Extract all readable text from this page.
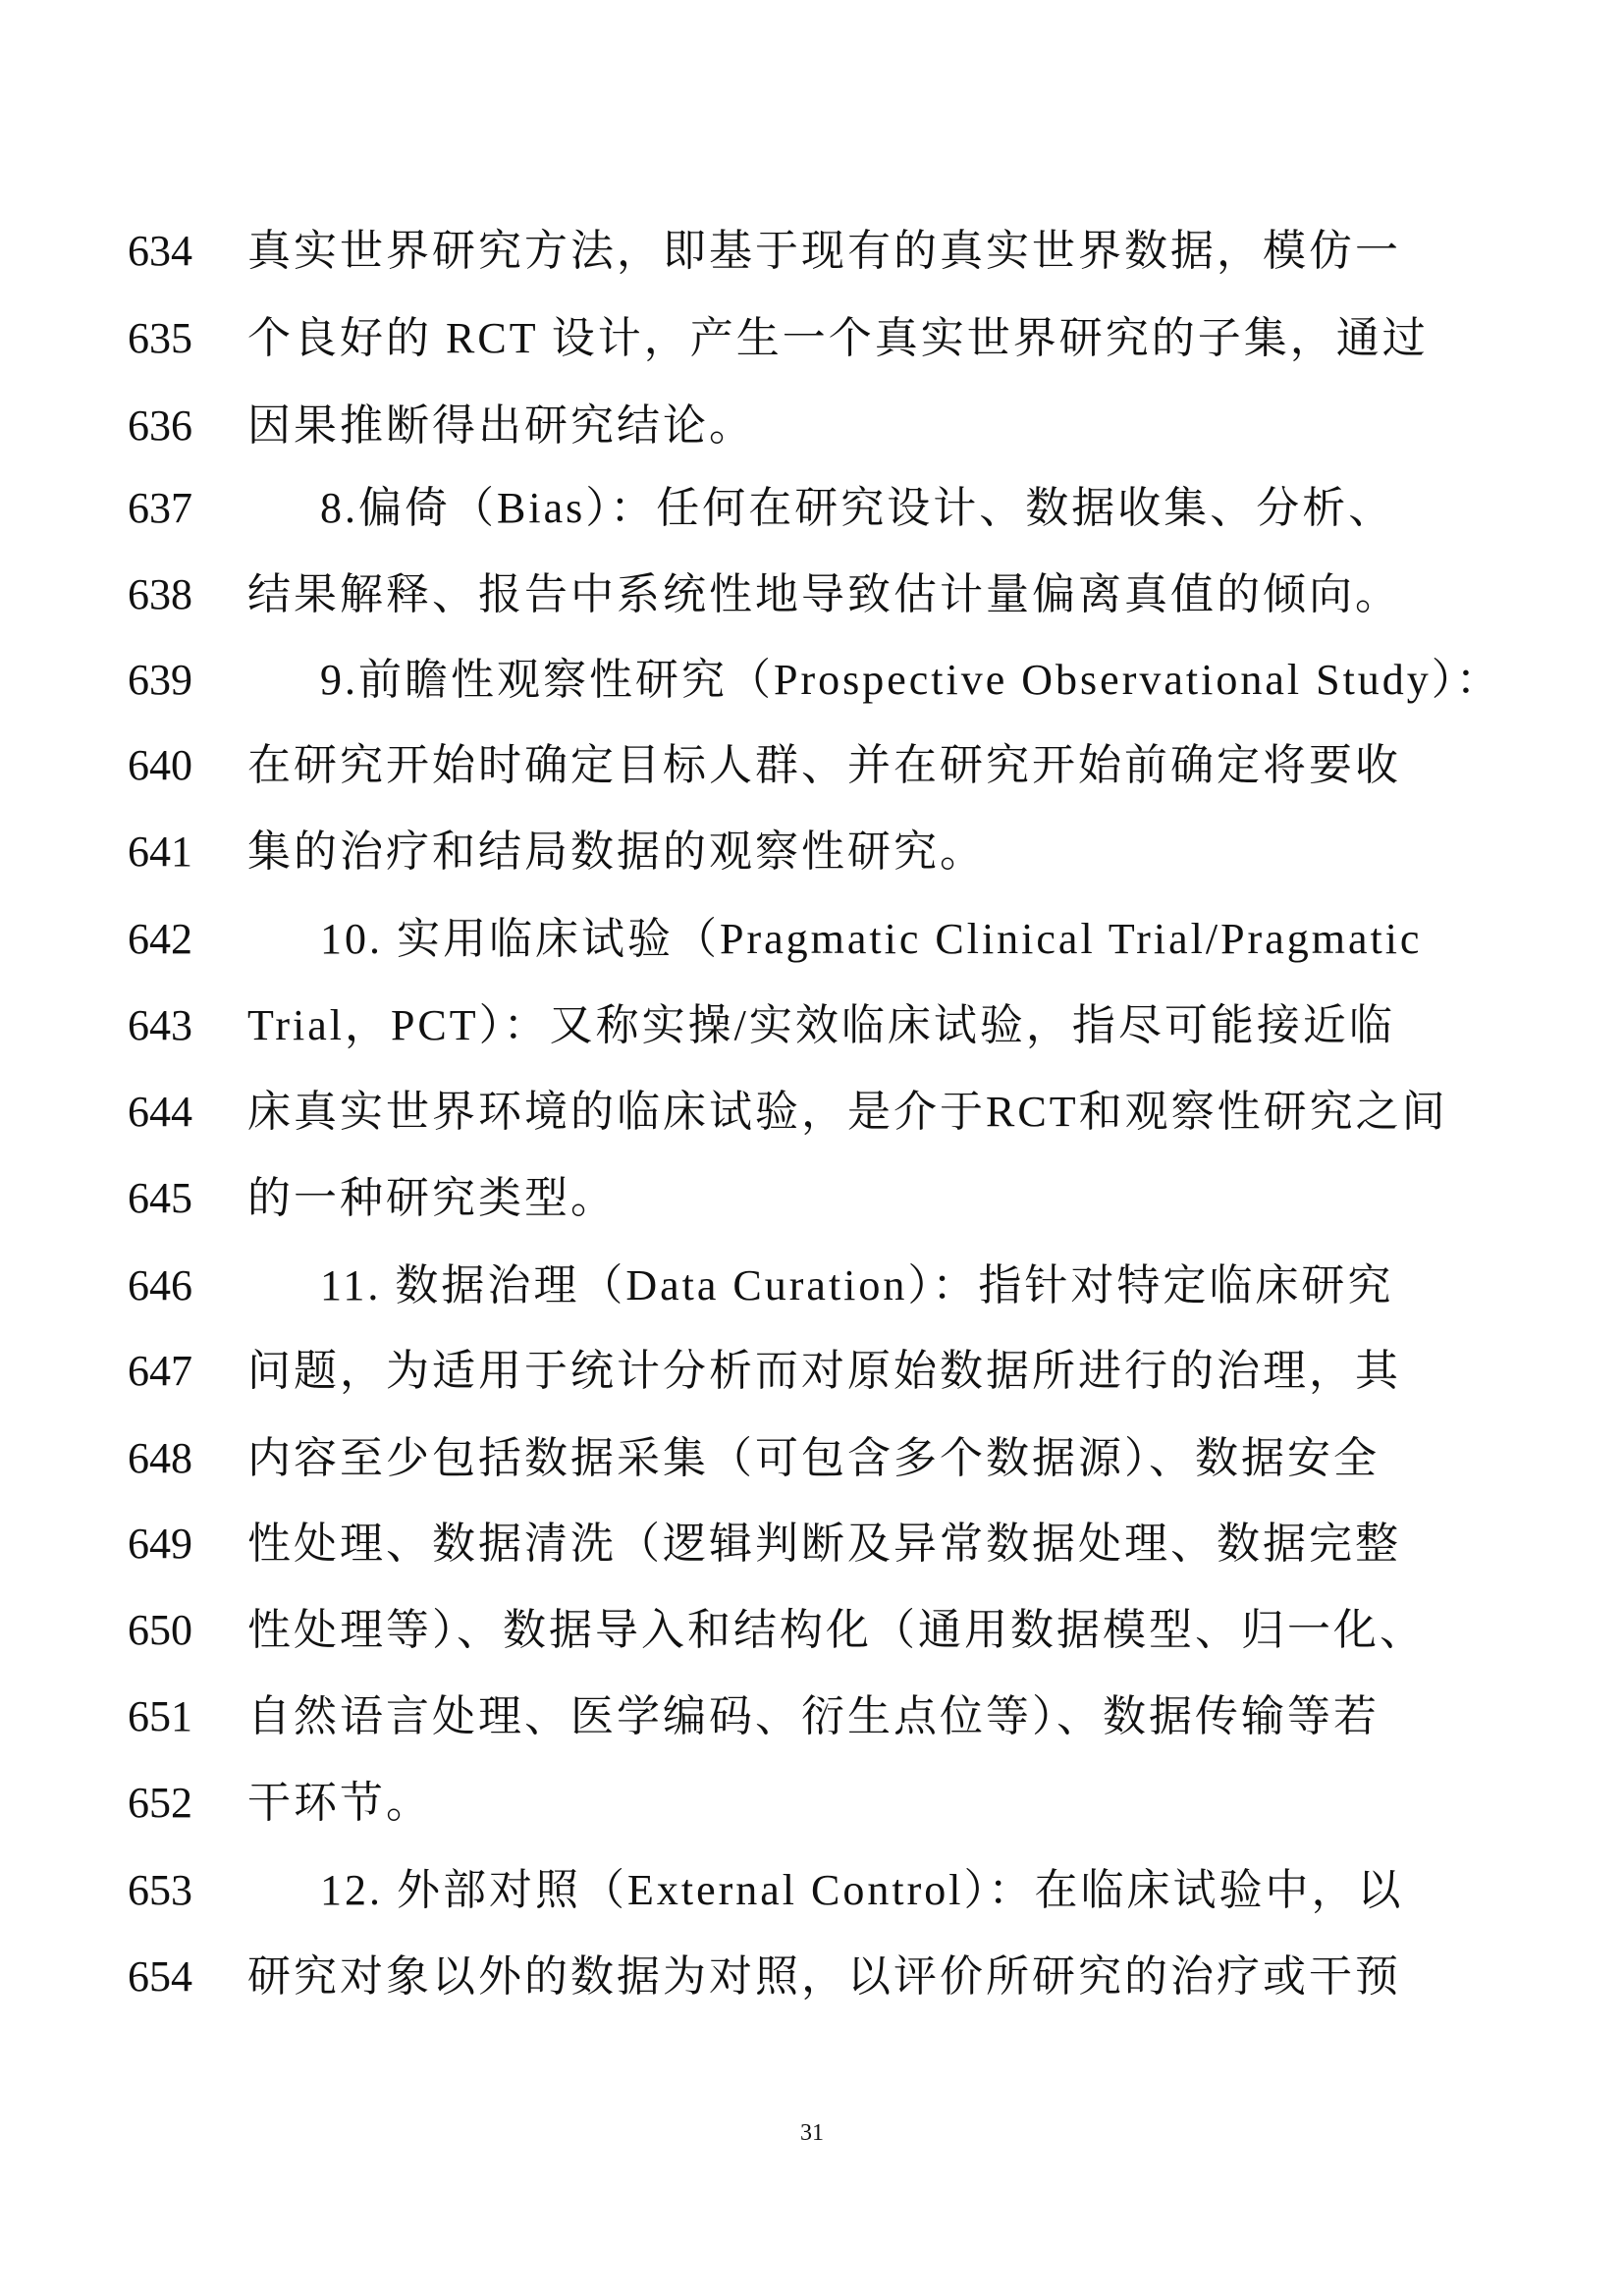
634	真实世界研究方法，即基于现有的真实世界数据，模仿一
635	个良好的 RCT 设计，产生一个真实世界研究的子集，通过
636	因果推断得出研究结论。
637	8.偏倚（Bias）：任何在研究设计、数据收集、分析、
638	结果解释、报告中系统性地导致估计量偏离真值的倾向。
639	9.前瞻性观察性研究（Prospective Observational Study）：
640	在研究开始时确定目标人群、并在研究开始前确定将要收
641	集的治疗和结局数据的观察性研究。
642	10. 实用临床试验（Pragmatic Clinical Trial/Pragmatic
643	Trial，PCT）：又称实操/实效临床试验，指尽可能接近临
644	床真实世界环境的临床试验，是介于RCT和观察性研究之间
645	的一种研究类型。
646	11. 数据治理（Data Curation）：指针对特定临床研究
647	问题，为适用于统计分析而对原始数据所进行的治理，其
648	内容至少包括数据采集（可包含多个数据源）、数据安全
649	性处理、数据清洗（逻辑判断及异常数据处理、数据完整
650	性处理等）、数据导入和结构化（通用数据模型、归一化、
651	自然语言处理、医学编码、衍生点位等）、数据传输等若
652	干环节。
653	12. 外部对照（External Control）：在临床试验中，以
654	研究对象以外的数据为对照，以评价所研究的治疗或干预
31
